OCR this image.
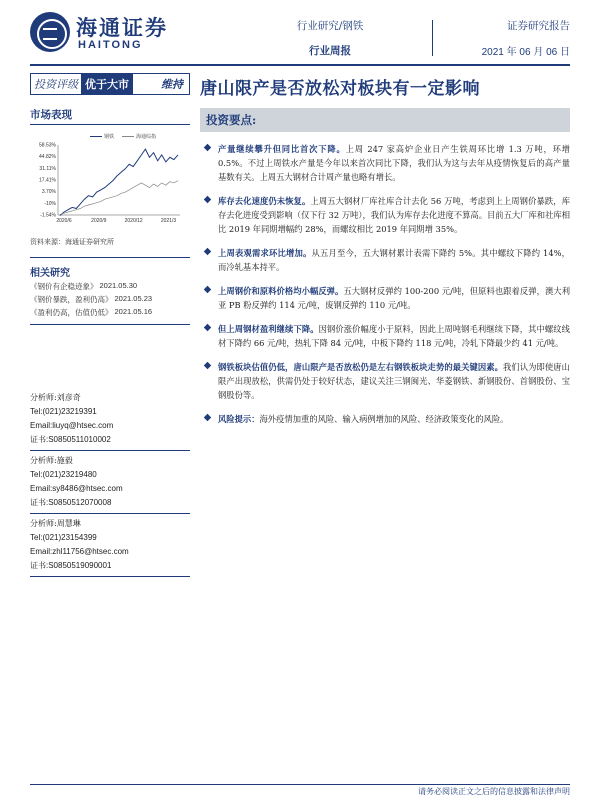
海通证券
HAITONG
行业研究/钢铁
行业周报
证券研究报告
2021 年 06 月 06 日
投资评级 优于大市	维持
市场表现
58.53%
44.82%
31.11%
17.41%
3.70%
-10%
-1.54%
2020/6	2020/9	2020/12	2021/3
钢铁	海通综指
资料来源：海通证券研究所
相关研究
《钢价有企稳迹象》 2021.05.30
《钢价暴跌，盈利仍高》 2021.05.23
《盈利仍高，估值仍低》 2021.05.16
分析师:刘彦奇
Tel:(021)23219391
Email:liuyq@htsec.com
证书:S0850511010002
分析师:施毅
Tel:(021)23219480
Email:sy8486@htsec.com
证书:S0850512070008
分析师:周慧琳
Tel:(021)23154399
Email:zhl11756@htsec.com
证书:S0850519090001
唐山限产是否放松对板块有一定影响
投资要点:
产量继续攀升但同比首次下降。上周 247 家高炉企业日产生铁周环比增 1.3 万吨，环增 0.5%。不过上周铁水产量是今年以来首次同比下降，我们认为这与去年从疫情恢复后的高产量基数有关。上周五大钢材合计周产量也略有增长。
库存去化速度仍未恢复。上周五大钢材厂库社库合计去化 56 万吨，考虑到上上周钢价暴跌，库存去化进度受到影响（仅下行 32 万吨），我们认为库存去化进度不算高。目前五大厂库和社库相比 2019 年同期增幅约 28%，而螺纹相比 2019 年同期增 35%。
上周表观需求环比增加。从五月至今，五大钢材累计表需下降约 5%。其中螺纹下降约 14%，而冷轧基本持平。
上周钢价和原料价格均小幅反弹。五大钢材反弹约 100-200 元/吨，但原料也跟着反弹，澳大利亚 PB 粉反弹约 114 元/吨，废钢反弹约 110 元/吨。
但上周钢材盈利继续下降。因钢价涨价幅度小于原料，因此上周吨钢毛利继续下降，其中螺纹线材下降约 66 元/吨，热轧下降 84 元/吨，中板下降约 118 元/吨，冷轧下降最少约 41 元/吨。
钢铁板块估值仍低，唐山限产是否放松仍是左右钢铁板块走势的最关键因素。我们认为即使唐山限产出现放松，供需仍处于较好状态，建议关注三钢闽光、华菱钢铁、新钢股份、首钢股份、宝钢股份等。
风险提示：海外疫情加重的风险、输入病例增加的风险、经济政策变化的风险。
请务必阅读正文之后的信息披露和法律声明
